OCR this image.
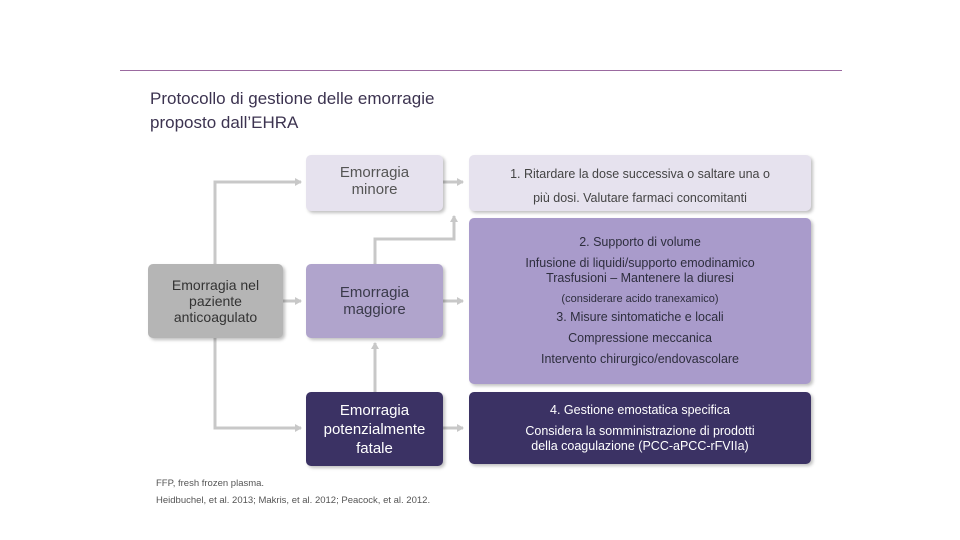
Protocollo di gestione delle emorragie
proposto dall’EHRA
Emorragia nel
paziente
anticoagulato
Emorragia
minore
Emorragia
maggiore
Emorragia
potenzialmente
fatale
1. Ritardare la dose successiva o saltare una o
più dosi. Valutare farmaci concomitanti
2. Supporto di volume
Infusione di liquidi/supporto emodinamico
Trasfusioni – Mantenere la diuresi
(considerare acido tranexamico)
3. Misure sintomatiche e locali
Compressione meccanica
Intervento chirurgico/endovascolare
4. Gestione emostatica specifica
Considera la somministrazione di prodotti
della coagulazione (PCC-aPCC-rFVIIa)
FFP, fresh frozen plasma.
Heidbuchel, et al. 2013; Makris, et al. 2012; Peacock, et al. 2012.
